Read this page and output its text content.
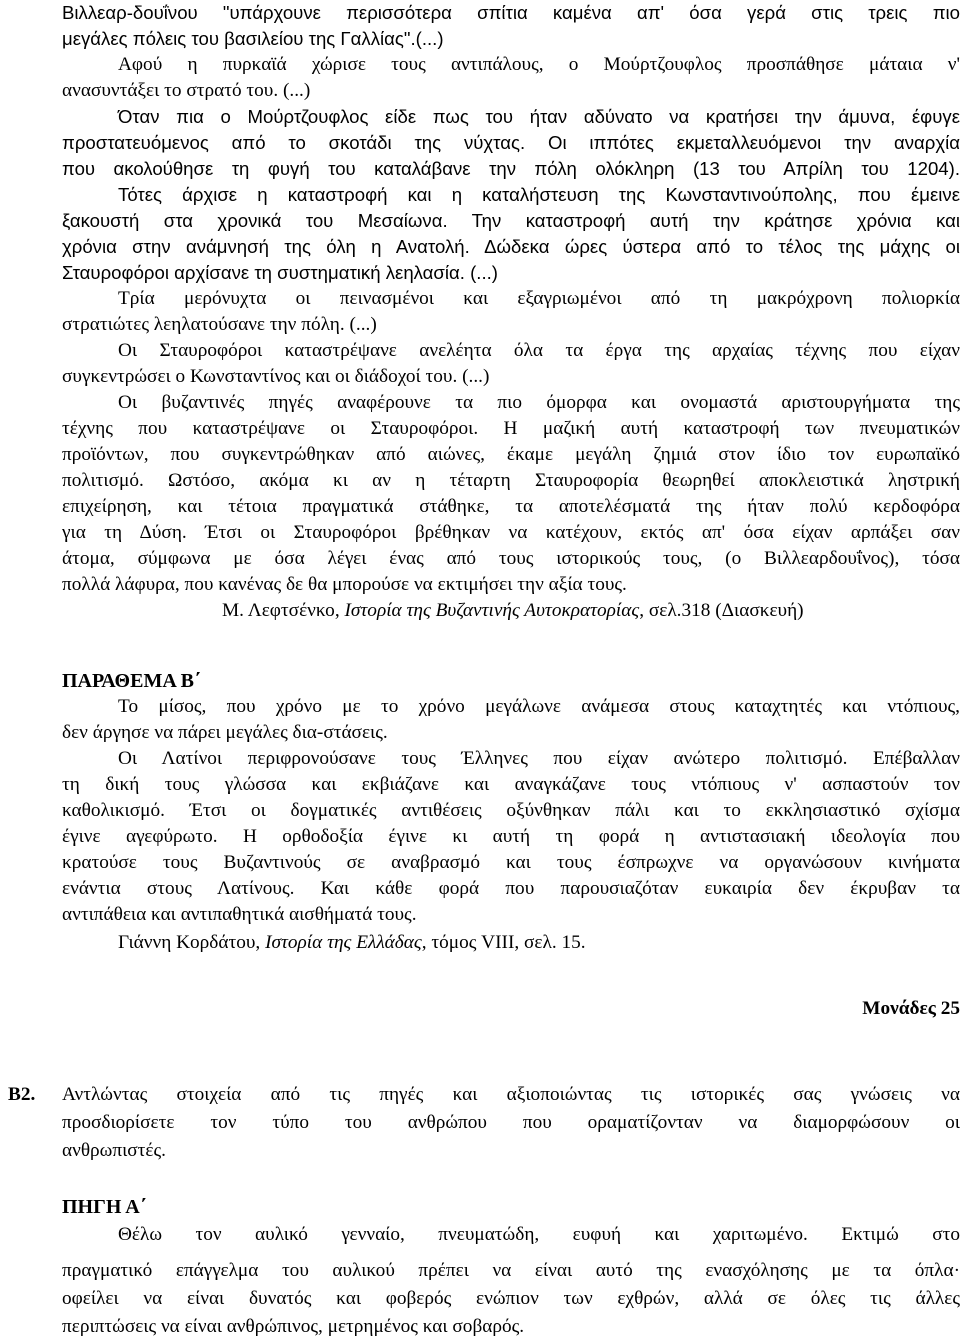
Βιλλεαρ-δουΐνου "υπάρχουνε περισσότερα σπίτια καμένα απ' όσα γερά στις τρεις πιο
μεγάλες πόλεις του βασιλείου της Γαλλίας".(...)
Αφού η πυρκαϊά χώρισε τους αντιπάλους, ο Μούρτζουφλος προσπάθησε μάταια ν'
ανασυντάξει το στρατό του. (...)
Όταν πια ο Μούρτζουφλος είδε πως του ήταν αδύνατο να κρατήσει την άμυνα, έφυγε
προστατευόμενος από το σκοτάδι της νύχτας. Οι ιππότες εκμεταλλευόμενοι την αναρχία
που ακολούθησε τη φυγή του καταλάβανε την πόλη ολόκληρη (13 του Απρίλη του 1204).
Τότες άρχισε η καταστροφή και η καταλήστευση της Κωνσταντινούπολης, που έμεινε
ξακουστή στα χρονικά του Μεσαίωνα. Την καταστροφή αυτή την κράτησε χρόνια και
χρόνια στην ανάμνησή της όλη η Ανατολή. Δώδεκα ώρες ύστερα από το τέλος της μάχης οι
Σταυροφόροι αρχίσανε τη συστηματική λεηλασία. (...)
Τρία μερόνυχτα οι πεινασμένοι και εξαγριωμένοι από τη μακρόχρονη πολιορκία
στρατιώτες λεηλατούσανε την πόλη. (...)
Οι Σταυροφόροι καταστρέψανε ανελέητα όλα τα έργα της αρχαίας τέχνης που είχαν
συγκεντρώσει ο Κωνσταντίνος και οι διάδοχοί του. (...)
Οι βυζαντινές πηγές αναφέρουνε τα πιο όμορφα και ονομαστά αριστουργήματα της
τέχνης που καταστρέψανε οι Σταυροφόροι. Η μαζική αυτή καταστροφή των πνευματικών
προϊόντων, που συγκεντρώθηκαν από αιώνες, έκαμε μεγάλη ζημιά στον ίδιο τον ευρωπαϊκό
πολιτισμό. Ωστόσο, ακόμα κι αν η τέταρτη Σταυροφορία θεωρηθεί αποκλειστικά ληστρική
επιχείρηση, και τέτοια πραγματικά στάθηκε, τα αποτελέσματά της ήταν πολύ κερδοφόρα
για τη Δύση. Έτσι οι Σταυροφόροι βρέθηκαν να κατέχουν, εκτός απ' όσα είχαν αρπάξει σαν
άτομα, σύμφωνα με όσα λέγει ένας από τους ιστορικούς τους, (ο Βιλλεαρδουΐνος), τόσα
πολλά λάφυρα, που κανένας δε θα μπορούσε να εκτιμήσει την αξία τους.
Μ. Λεφτσένκο, Ιστορία της Βυζαντινής Αυτοκρατορίας, σελ.318 (Διασκευή)
ΠΑΡΑΘΕΜΑ Β΄
Το μίσος, που χρόνο με το χρόνο μεγάλωνε ανάμεσα στους καταχτητές και ντόπιους,
δεν άργησε να πάρει μεγάλες δια-στάσεις.
Οι Λατίνοι περιφρονούσανε τους Έλληνες που είχαν ανώτερο πολιτισμό. Επέβαλλαν
τη δική τους γλώσσα και εκβιάζανε και αναγκάζανε τους ντόπιους ν' ασπαστούν τον
καθολικισμό. Έτσι οι δογματικές αντιθέσεις οξύνθηκαν πάλι και το εκκλησιαστικό σχίσμα
έγινε αγεφύρωτο. Η ορθοδοξία έγινε κι αυτή τη φορά η αντιστασιακή ιδεολογία που
κρατούσε τους Βυζαντινούς σε αναβρασμό και τους έσπρωχνε να οργανώσουν κινήματα
ενάντια στους Λατίνους. Και κάθε φορά που παρουσιαζόταν ευκαιρία δεν έκρυβαν τα
αντιπάθεια και αντιπαθητικά αισθήματά τους.
Γιάννη Κορδάτου, Ιστορία της Ελλάδας, τόμος VIII, σελ. 15.
Μονάδες 25
B2. Αντλώντας στοιχεία από τις πηγές και αξιοποιώντας τις ιστορικές σας γνώσεις να
προσδιορίσετε τον τύπο του ανθρώπου που οραματίζονταν να διαμορφώσουν οι
ανθρωπιστές.
ΠΗΓΗ Α΄
Θέλω τον αυλικό γενναίο, πνευματώδη, ευφυή και χαριτωμένο. Εκτιμώ στο
πραγματικό επάγγελμα του αυλικού πρέπει να είναι αυτό της ενασχόλησης με τα όπλα·
οφείλει να είναι δυνατός και φοβερός ενώπιον των εχθρών, αλλά σε όλες τις άλλες
περιπτώσεις να είναι ανθρώπινος, μετρημένος και σοβαρός.
